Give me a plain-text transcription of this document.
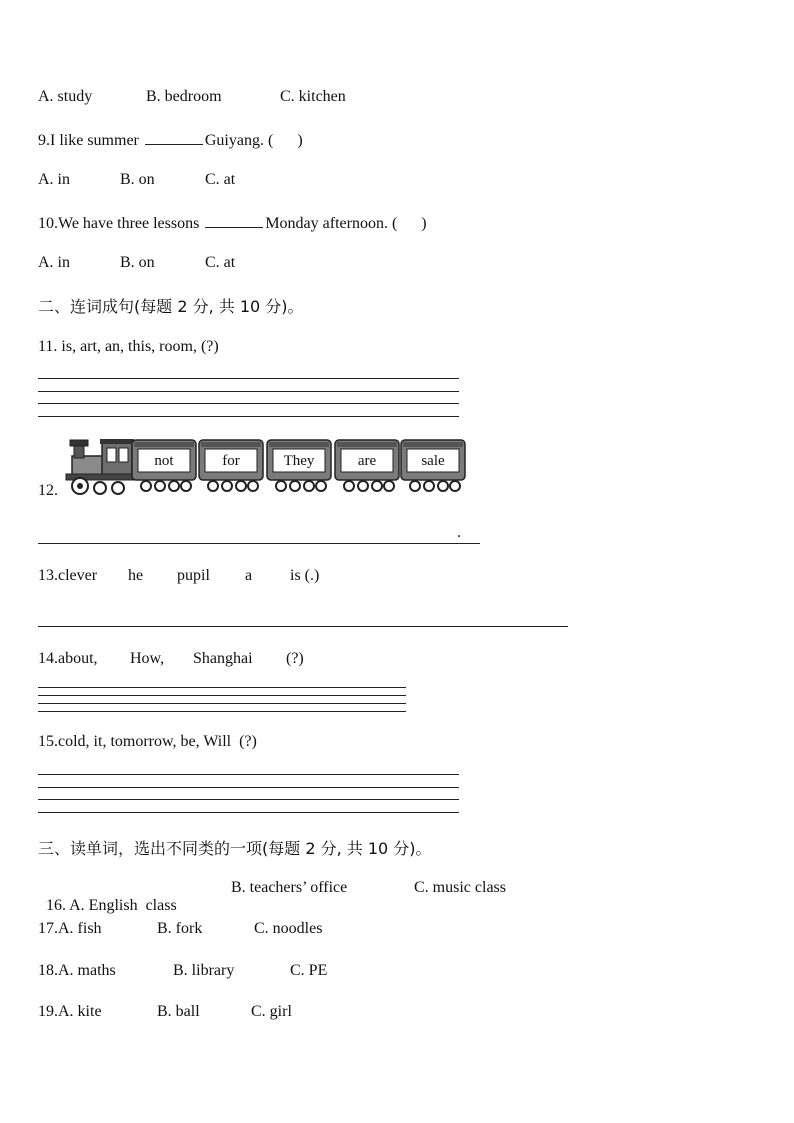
A. study	B. bedroom	C. kitchen
9.I like summer	Guiyang. (      )
A. in	B. on	C. at
10.We have three lessons	Monday afternoon. (      )
A. in	B. on	C. at
二、连词成句(每题 2 分, 共 10 分)。
11. is, art, an, this, room, (?)
12.
not	for	They	are	sale
.
13.clever he pupil a is (.)
14.about, How, Shanghai (?)
15.cold, it, tomorrow, be, Will  (?)
三、读单词，选出不同类的一项(每题 2 分, 共 10 分)。

16. A. English  class

B. teachers’ office	C. music class
17.A. fish	B. fork	C. noodles
18.A. maths	B. library	C. PE
19.A. kite	B. ball	C. girl
